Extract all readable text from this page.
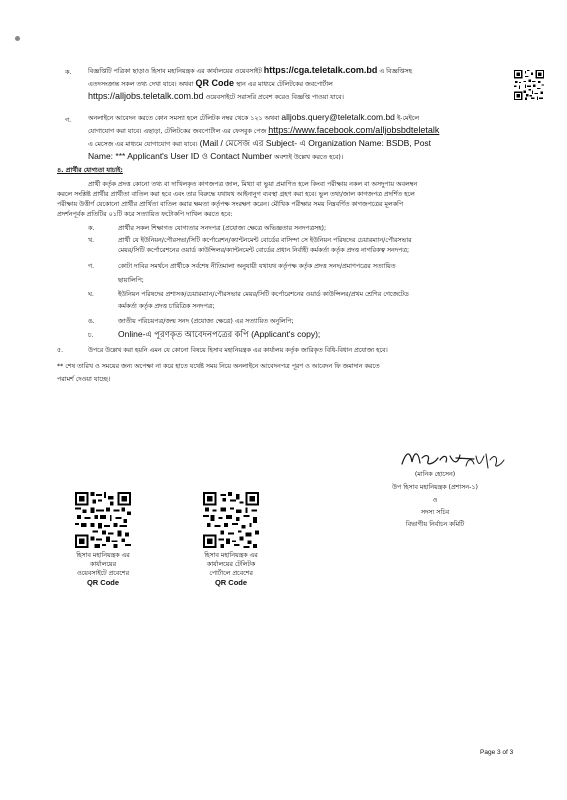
ক.	বিজ্ঞপ্তিটি পত্রিকা ছাড়াও হিসাব মহানিয়ন্ত্রক এর কার্যালয়ের ওয়েবসাইট https://cga.teletalk.com.bd এ বিজ্ঞপ্তিসহ
এতদসংক্রান্ত সকল তথ্য দেখা যাবে। অথবা QR Code স্থান এর মাধ্যমে টেলিটকের জবপোর্টাল
https://alljobs.teletalk.com.bd ওয়েবসাইটে সরাসরি প্রবেশ করেও বিজ্ঞপ্তি পাওয়া যাবে।
গ.	অনলাইনে আবেদন করতে কোন সমস্যা হলে টেলিটক নম্বর থেকে ১২১ অথবা alljobs.query@teletalk.com.bd ই-মেইলে
যোগাযোগ করা যাবে। এছাড়া, টেলিটকের জবপোর্টাল এর ফেসবুক পেজ https://www.facebook.com/alljobsbdteletalk
এ মেসেজ এর মাধ্যমে যোগাযোগ করা যাবে। (Mail / মেসেজ এর Subject- এ Organization Name: BSDB, Post
Name: *** Applicant's User ID ও Contact Number অবশ্যই উল্লেখ করতে হবে)।
৪. প্রার্থীর যোগ্যতা যাচাই:
প্রার্থী কর্তৃক প্রদত্ত কোনো তথ্য বা দাখিলকৃত কাগজপত্র জাল, মিথ্যা বা ভুয়া প্রমাণিত হলে কিংবা পরীক্ষায় নকল বা অসদুপায় অবলম্বন
করলে সংশ্লিষ্ট প্রার্থীর প্রার্থীতা বাতিল করা হবে এবং তার বিরুদ্ধে যথাযথ আইনানুগ ব্যবস্থা গ্রহণ করা হবে। ভুল তথ্য/জাল কাগজপত্র প্রদর্শিত হলে
পরীক্ষায় উত্তীর্ণ যেকোনো প্রার্থীর প্রার্থিতা বাতিল করার ক্ষমতা কর্তৃপক্ষ সংরক্ষণ করেন। মৌখিক পরীক্ষার সময় নিম্নবর্ণিত কাগজপত্রের মূলকপি
প্রদর্শনপূর্বক প্রতিটির ০১টি করে সত্যায়িত ফটোকপি দাখিল করতে হবে:
ক.	প্রার্থীর সকল শিক্ষাগত যোগ্যতার সনদপত্র (প্রযোজ্য ক্ষেত্রে অভিজ্ঞতার সনদপত্রসহ);
খ.	প্রার্থী যে ইউনিয়ন/পৌরসভা/সিটি কর্পোরেশন/ক্যান্টনমেন্ট বোর্ডের বাসিন্দা সে ইউনিয়ন পরিষদের চেয়ারম্যান/পৌরসভার
মেয়র/সিটি কর্পোরেশনের ওয়ার্ড কাউন্সিলর/ক্যান্টনমেন্ট বোর্ডের প্রধান নির্বাহী কর্মকর্তা কর্তৃক প্রদত্ত নাগরিকত্ব সনদপত্র;
গ.	কোটা দাবির সমর্থনে প্রার্থীকে সর্বশেষ নীতিমালা অনুযায়ী যথাযথ কর্তৃপক্ষ কর্তৃক প্রদত্ত সনদ/প্রমাণপত্রের সত্যায়িত
ছায়ালিপি;
ঘ.	ইউনিয়ন পরিষদের প্রশাসক/চেয়ারম্যান/পৌরসভার মেয়র/সিটি কর্পোরেশনের ওয়ার্ড কাউন্সিলর/প্রথম শ্রেণির গেজেটেড
কর্মকর্তা কর্তৃক প্রদত্ত চারিত্রিক সনদপত্র;
ঙ.	জাতীয় পরিচয়পত্র/জন্ম সনদ (প্রযোজ্য ক্ষেত্রে) এর সত্যায়িত অনুলিপি;
চ.	Online-এ পূরণকৃত আবেদনপত্রের কপি (Applicant's copy);
৫.	উপরে উল্লেখ করা হয়নি এমন যে কোনো বিষয়ে হিসাব মহানিয়ন্ত্রক এর কার্যালয় কর্তৃক জারিকৃত বিধি-বিধান প্রযোজ্য হবে।
** শেষ তারিখ ও সময়ের জন্য অপেক্ষা না করে হাতে যথেষ্ট সময় নিয়ে অনলাইনে আবেদনপত্র পূরণ ও আবেদন ফি জমাদান করতে
পরামর্শ দেওয়া যাচ্ছে।
হিসাব মহানিয়ন্ত্রক এর
কার্যালয়ের
ওয়েবসাইটে প্রবেশের
QR Code
হিসাব মহানিয়ন্ত্রক এর
কার্যালয়ের টেলিটক
পোর্টালে প্রবেশের
QR Code
(মানিক হোসেন)
উপ হিসাব মহানিয়ন্ত্রক (প্রশাসন-১)
ও
সদস্য সচিব
বিভাগীয় নির্বাচন কমিটি
Page 3 of 3
